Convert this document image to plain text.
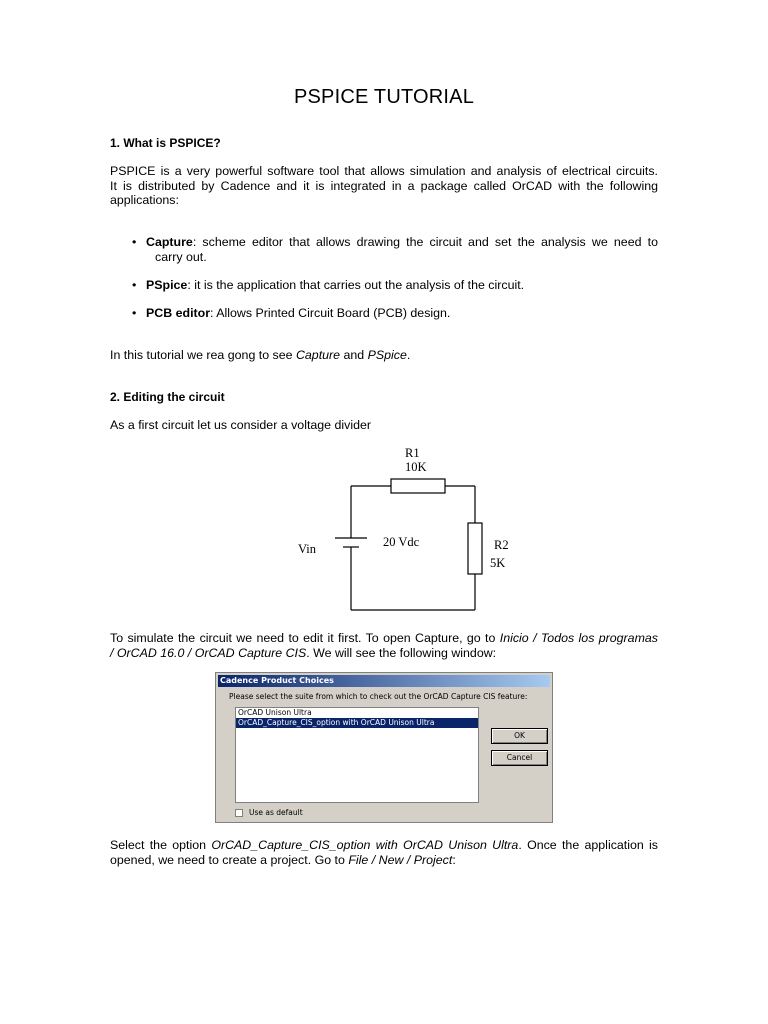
PSPICE TUTORIAL
1. What is PSPICE?
PSPICE is a very powerful software tool that allows simulation and analysis of electrical circuits.
It is distributed by Cadence and it is integrated in a package called OrCAD with the following
applications:
• Capture: scheme editor that allows drawing the circuit and set the analysis we need to
carry out.
• PSpice: it is the application that carries out the analysis of the circuit.
• PCB editor: Allows Printed Circuit Board (PCB) design.
In this tutorial we rea gong to see Capture and PSpice.
2. Editing the circuit
As a first circuit let us consider a voltage divider
R1
10K
20 Vdc
Vin	R2
5K
To simulate the circuit we need to edit it first. To open Capture, go to Inicio / Todos los programas
/ OrCAD 16.0 / OrCAD Capture CIS. We will see the following window:
Cadence Product Choices
Please select the suite from which to check out the OrCAD Capture CIS feature:
OrCAD Unison Ultra
OrCAD_Capture_CIS_option with OrCAD Unison Ultra
OK
Cancel
Use as default
Select the option OrCAD_Capture_CIS_option with OrCAD Unison Ultra. Once the application is
opened, we need to create a project. Go to File / New / Project:
